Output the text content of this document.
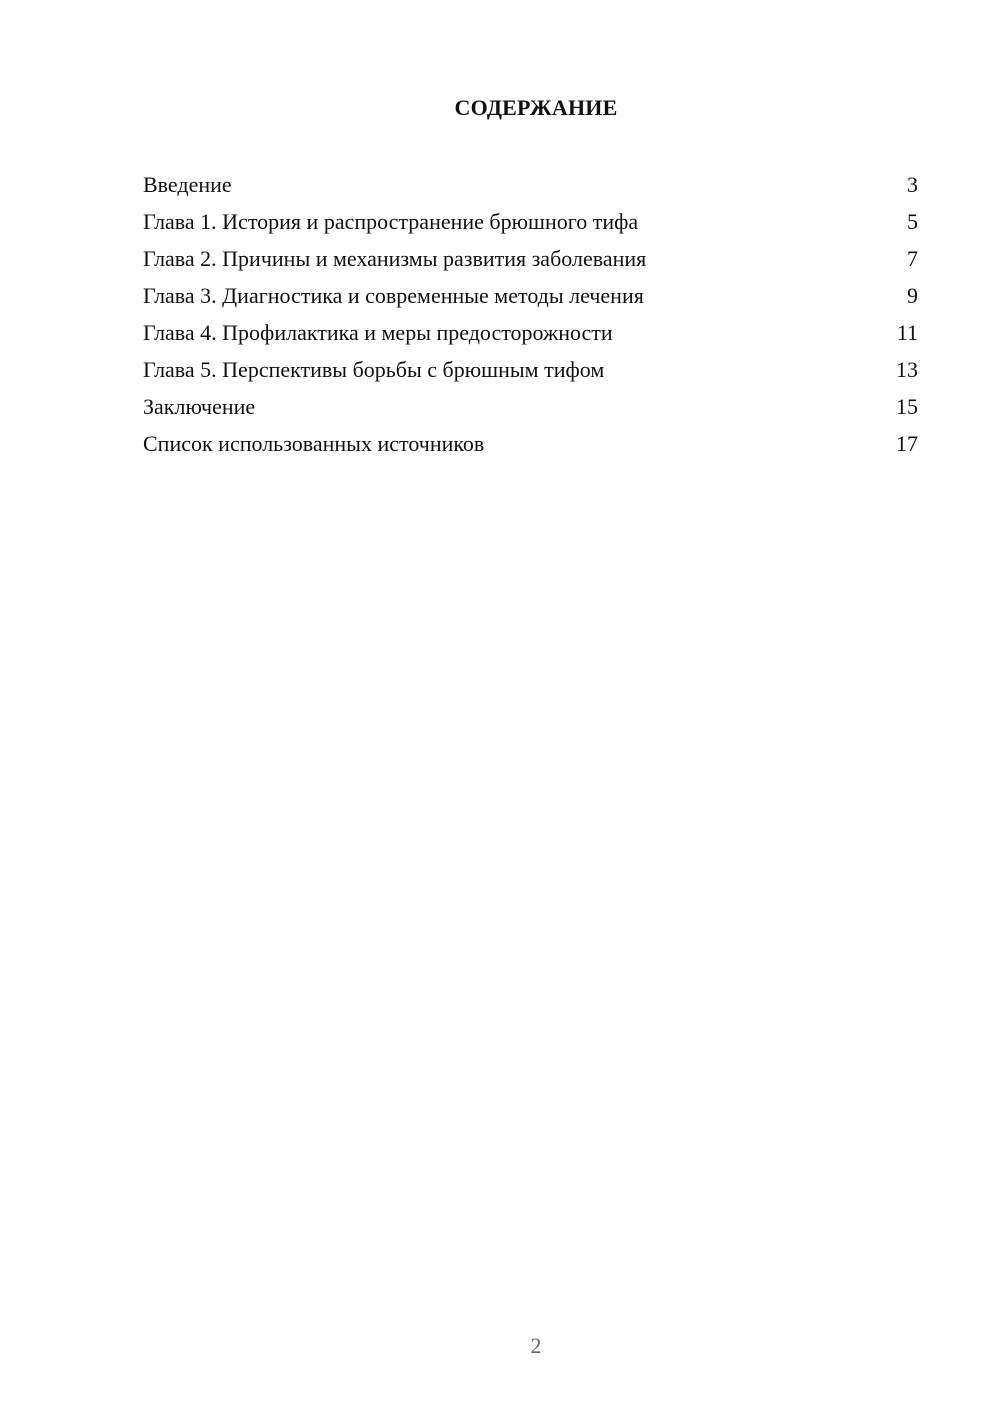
СОДЕРЖАНИЕ
Введение	3
Глава 1. История и распространение брюшного тифа	5
Глава 2. Причины и механизмы развития заболевания	7
Глава 3. Диагностика и современные методы лечения	9
Глава 4. Профилактика и меры предосторожности	11
Глава 5. Перспективы борьбы с брюшным тифом	13
Заключение	15
Список использованных источников	17
2
